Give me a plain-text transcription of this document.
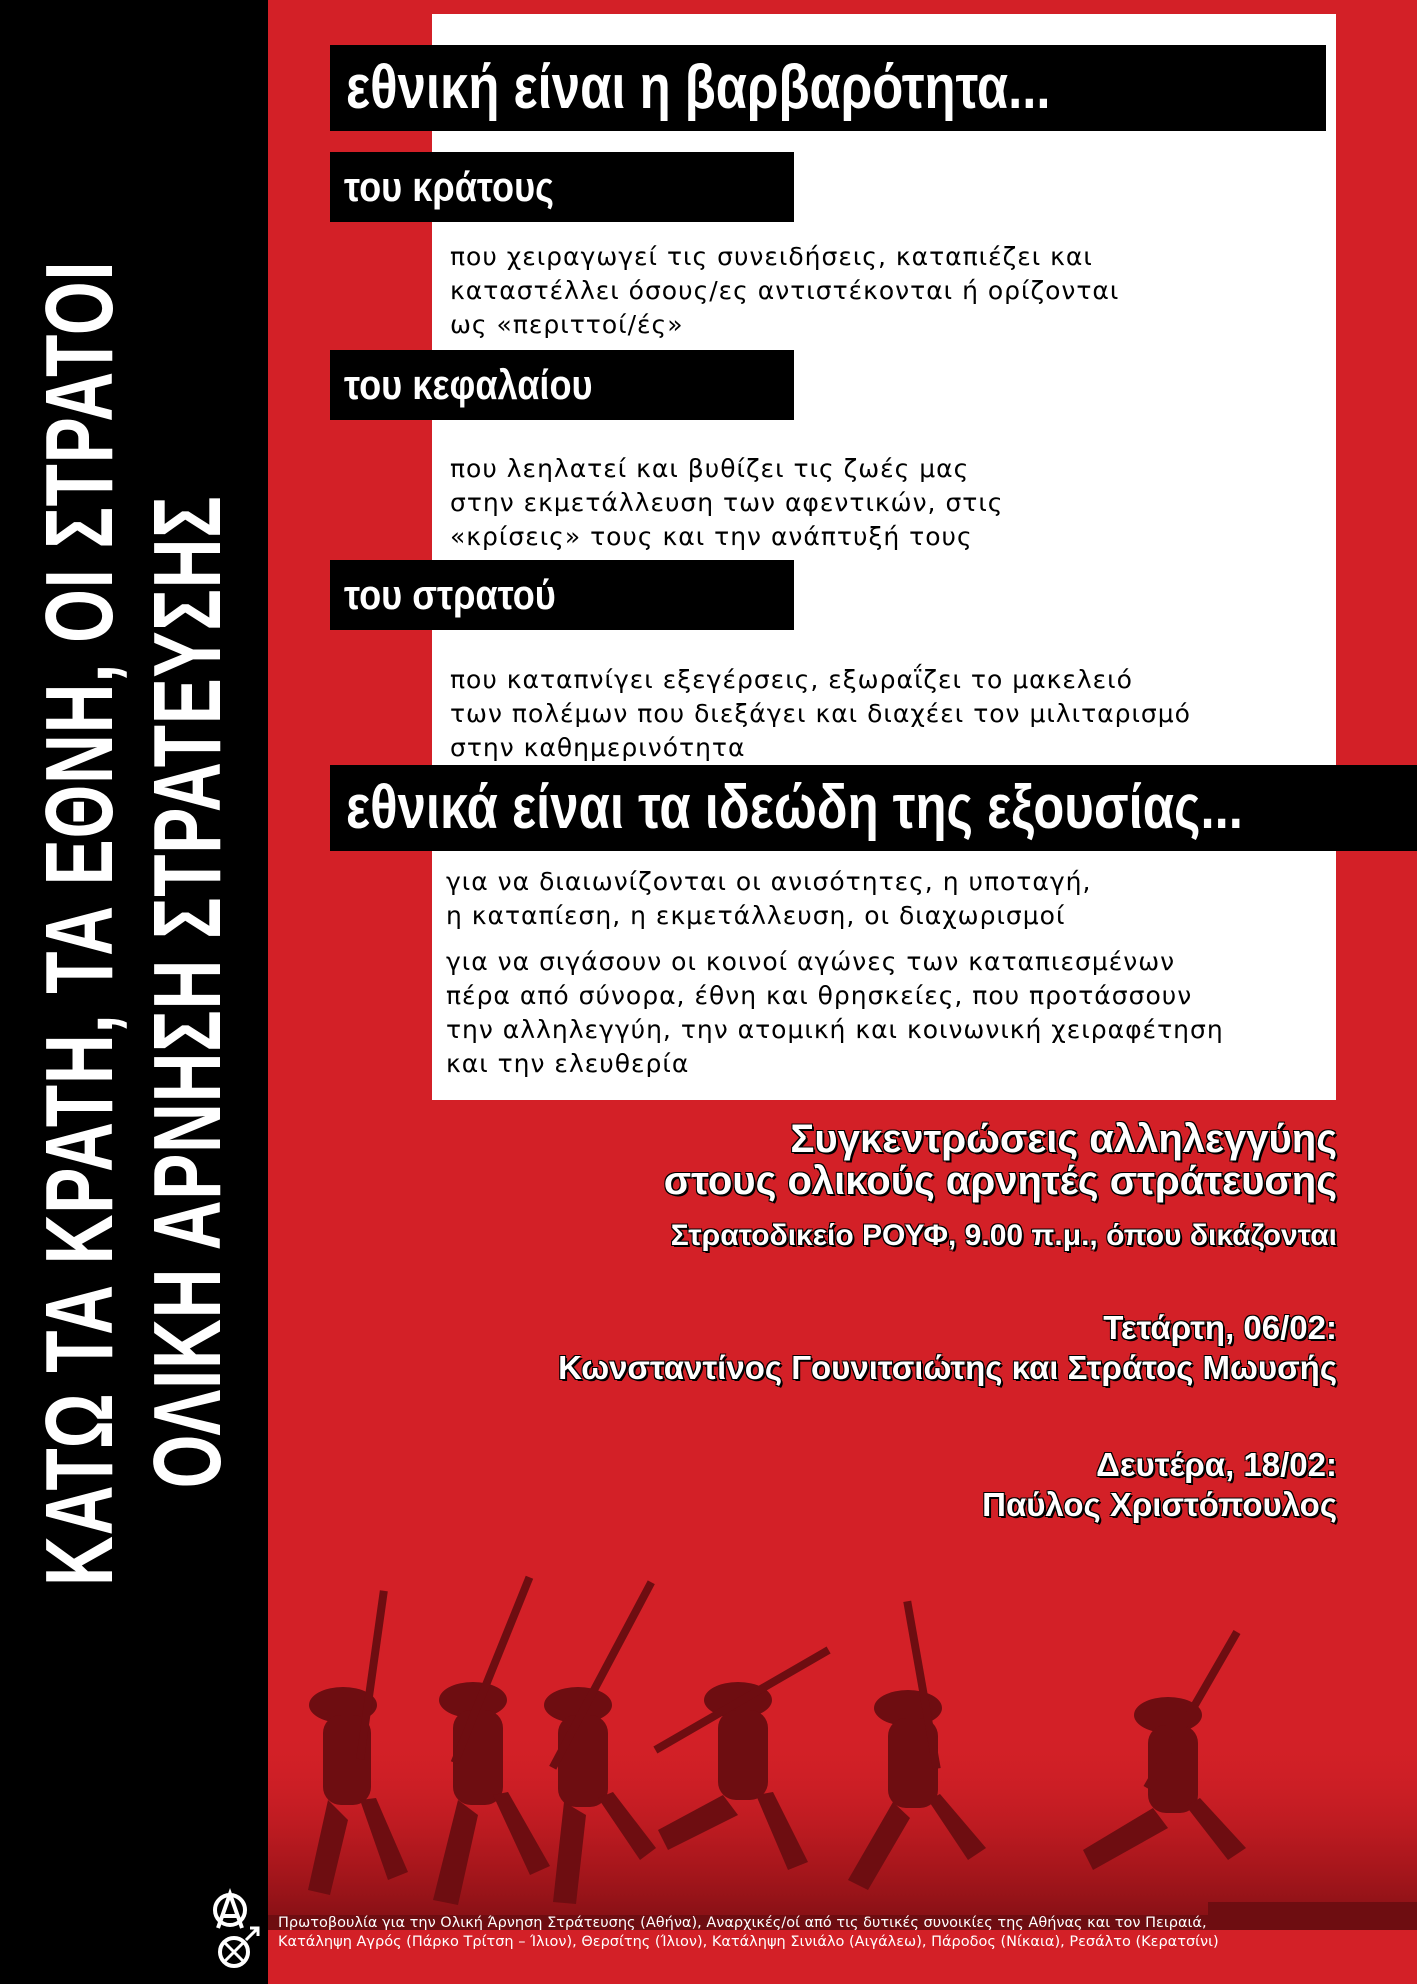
ΚΑΤΩ ΤΑ ΚΡΑΤΗ, ΤΑ ΕΘΝΗ, ΟΙ ΣΤΡΑΤΟΙ ΟΛΙΚΗ ΑΡΝΗΣΗ ΣΤΡΑΤΕΥΣΗΣ
εθνική είναι η βαρβαρότητα...
του κράτους

που χειραγωγεί τις συνειδήσεις, καταπιέζει και

καταστέλλει όσους/ες αντιστέκονται ή ορίζονται

ως «περιττοί/ές»

του κεφαλαίου

που λεηλατεί και βυθίζει τις ζωές μας

στην εκμετάλλευση των αφεντικών, στις

«κρίσεις» τους και την ανάπτυξή τους

του στρατού

που καταπνίγει εξεγέρσεις, εξωραΐζει το μακελειό

των πολέμων που διεξάγει και διαχέει τον μιλιταρισμό

στην καθημερινότητα

εθνικά είναι τα ιδεώδη της εξουσίας...

για να διαιωνίζονται οι ανισότητες, η υποταγή,

η καταπίεση, η εκμετάλλευση, οι διαχωρισμοί

για να σιγάσουν οι κοινοί αγώνες των καταπιεσμένων

πέρα από σύνορα, έθνη και θρησκείες, που προτάσσουν

την αλληλεγγύη, την ατομική και κοινωνική χειραφέτηση

και την ελευθερία

Συγκεντρώσεις αλληλεγγύης
στους ολικούς αρνητές στράτευσης
Στρατοδικείο ΡΟΥΦ, 9.00 π.μ., όπου δικάζονται
Τετάρτη, 06/02:
Κωνσταντίνος Γουνιτσιώτης και Στράτος Μωυσής
Δευτέρα, 18/02:
Παύλος Χριστόπουλος
Πρωτοβουλία για την Ολική Άρνηση Στράτευσης (Αθήνα), Αναρχικές/οί από τις δυτικές συνοικίες της Αθήνας και τον Πειραιά,
Κατάληψη Αγρός (Πάρκο Τρίτση – Ίλιον), Θερσίτης (Ίλιον), Κατάληψη Σινιάλο (Αιγάλεω), Πάροδος (Νίκαια), Ρεσάλτο (Κερατσίνι)
